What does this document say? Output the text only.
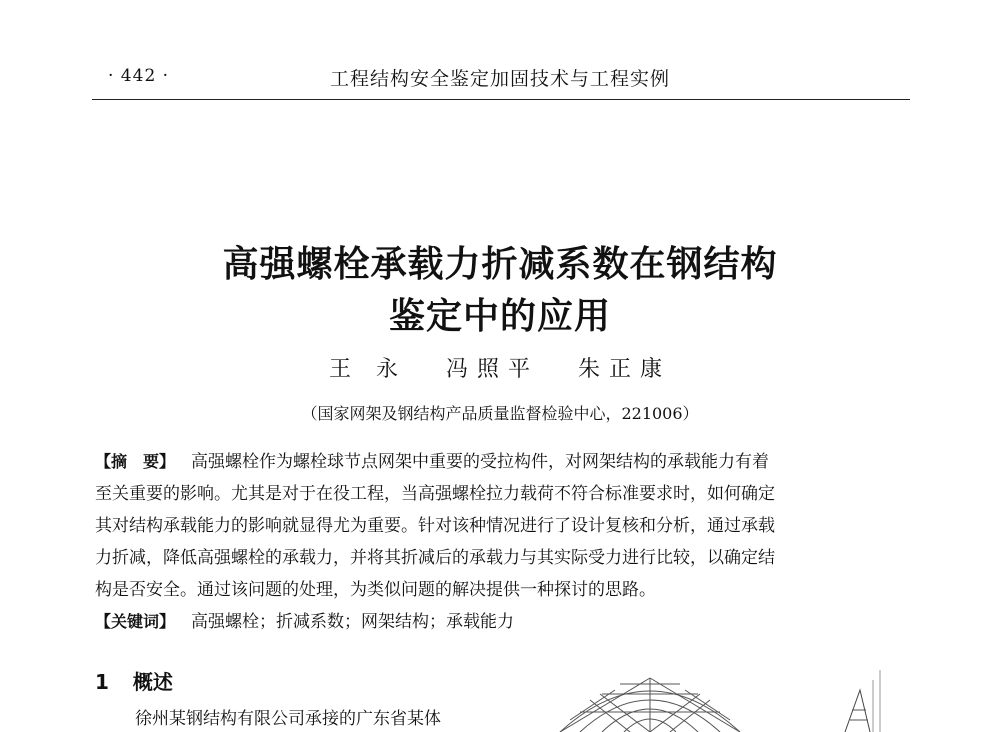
· 442 ·	工程结构安全鉴定加固技术与工程实例
高强螺栓承载力折减系数在钢结构
鉴定中的应用
王 永 冯照平 朱正康
（国家网架及钢结构产品质量监督检验中心，221006）
【摘　要】 高强螺栓作为螺栓球节点网架中重要的受拉构件，对网架结构的承载能力有着
至关重要的影响。尤其是对于在役工程，当高强螺栓拉力载荷不符合标准要求时，如何确定
其对结构承载能力的影响就显得尤为重要。针对该种情况进行了设计复核和分析，通过承载
力折减，降低高强螺栓的承载力，并将其折减后的承载力与其实际受力进行比较，以确定结
构是否安全。通过该问题的处理，为类似问题的解决提供一种探讨的思路。
【关键词】 高强螺栓；折减系数；网架结构；承载能力
1 概述
徐州某钢结构有限公司承接的广东省某体
